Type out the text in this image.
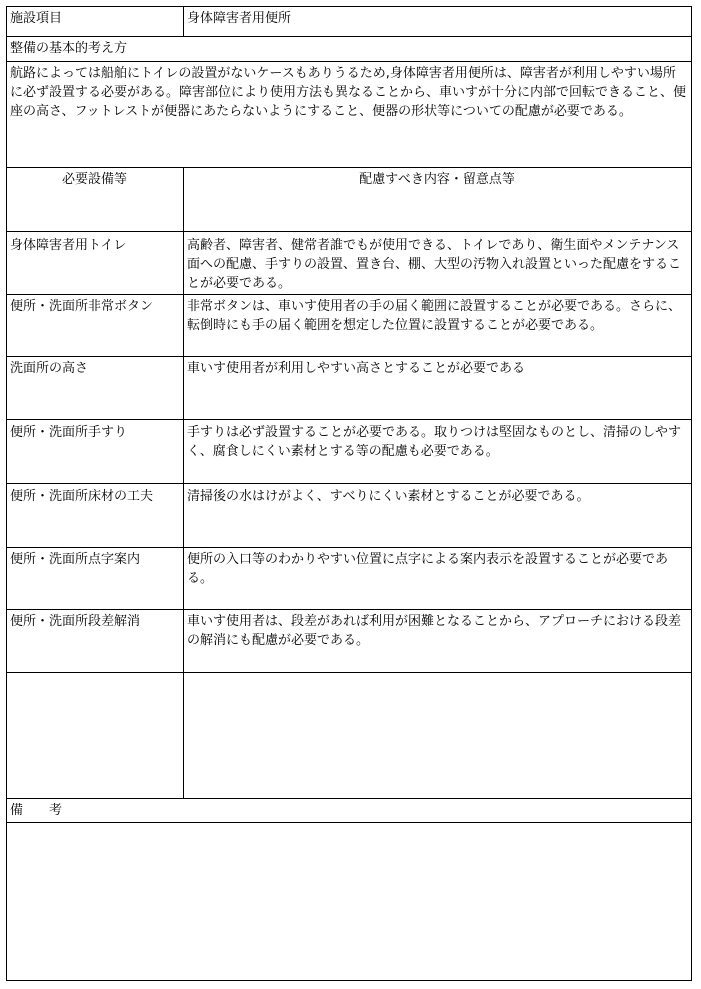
施設項目	身体障害者用便所
整備の基本的考え方
航路によっては船舶にトイレの設置がないケースもありうるため,身体障害者用便所は、障害者が利用しやすい場所に必ず設置する必要がある。障害部位により使用方法も異なることから、車いすが十分に内部で回転できること、便座の高さ、フットレストが便器にあたらないようにすること、便器の形状等についての配慮が必要である。
必要設備等	配慮すべき内容・留意点等
身体障害者用トイレ	高齢者、障害者、健常者誰でもが使用できる、トイレであり、衛生面やメンテナンス面への配慮、手すりの設置、置き台、棚、大型の汚物入れ設置といった配慮をすることが必要である。
便所・洗面所非常ボタン	非常ボタンは、車いす使用者の手の届く範囲に設置することが必要である。さらに、転倒時にも手の届く範囲を想定した位置に設置することが必要である。
洗面所の高さ	車いす使用者が利用しやすい高さとすることが必要である
便所・洗面所手すり	手すりは必ず設置することが必要である。取りつけは堅固なものとし、清掃のしやすく、腐食しにくい素材とする等の配慮も必要である。
便所・洗面所床材の工夫	清掃後の水はけがよく、すべりにくい素材とすることが必要である。
便所・洗面所点字案内	便所の入口等のわかりやすい位置に点字による案内表示を設置することが必要である。
便所・洗面所段差解消	車いす使用者は、段差があれば利用が困難となることから、アプローチにおける段差の解消にも配慮が必要である。
備　　考
